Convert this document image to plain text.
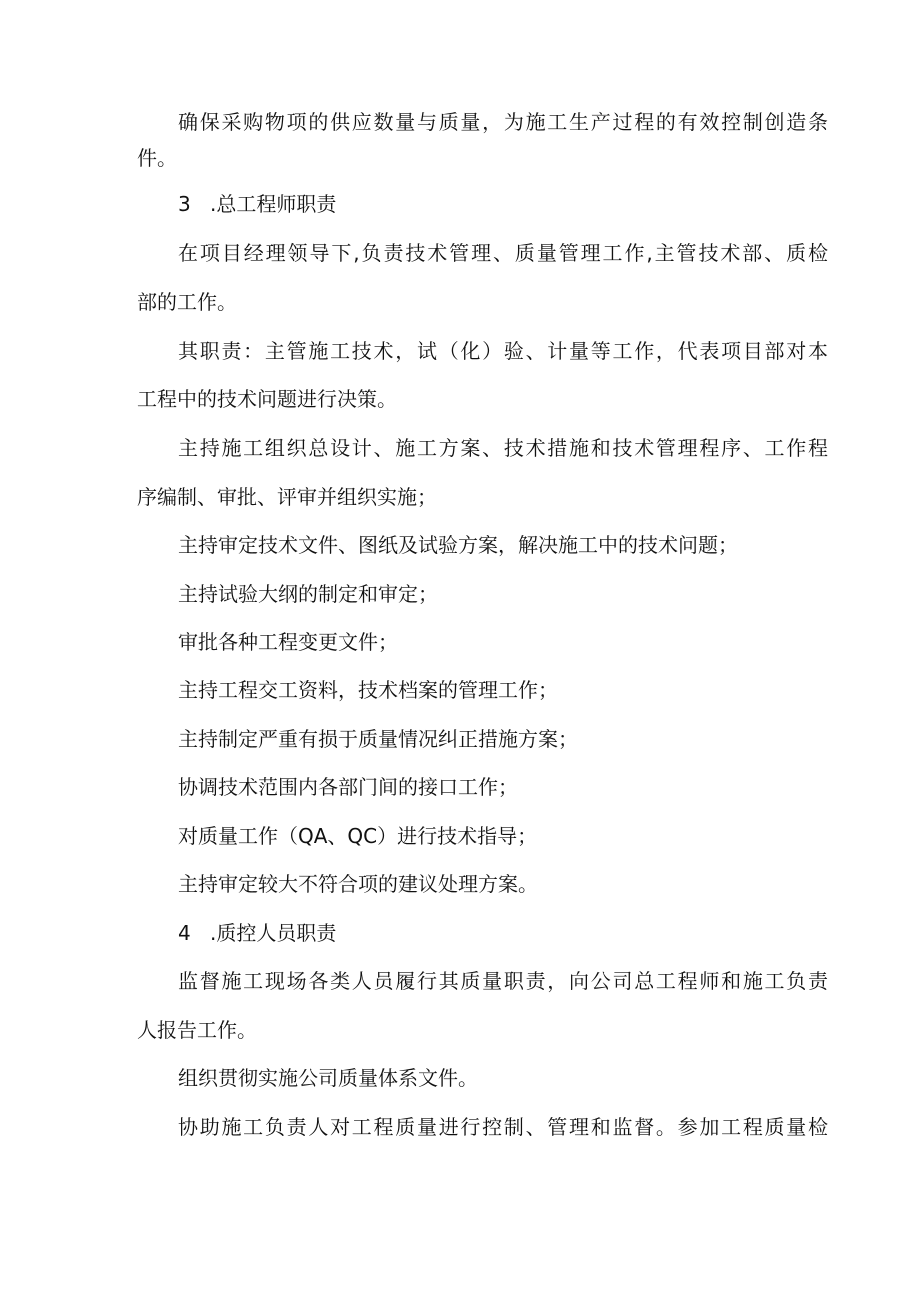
确保采购物项的供应数量与质量，为施工生产过程的有效控制创造条
件。
3 .总工程师职责
在项目经理领导下,负责技术管理、质量管理工作,主管技术部、质检
部的工作。
其职责：主管施工技术，试（化）验、计量等工作，代表项目部对本
工程中的技术问题进行决策。
主持施工组织总设计、施工方案、技术措施和技术管理程序、工作程
序编制、审批、评审并组织实施；
主持审定技术文件、图纸及试验方案，解决施工中的技术问题；
主持试验大纲的制定和审定；
审批各种工程变更文件；
主持工程交工资料，技术档案的管理工作；
主持制定严重有损于质量情况纠正措施方案；
协调技术范围内各部门间的接口工作；
对质量工作（QA、QC）进行技术指导；
主持审定较大不符合项的建议处理方案。
4 .质控人员职责
监督施工现场各类人员履行其质量职责，向公司总工程师和施工负责
人报告工作。
组织贯彻实施公司质量体系文件。
协助施工负责人对工程质量进行控制、管理和监督。参加工程质量检
